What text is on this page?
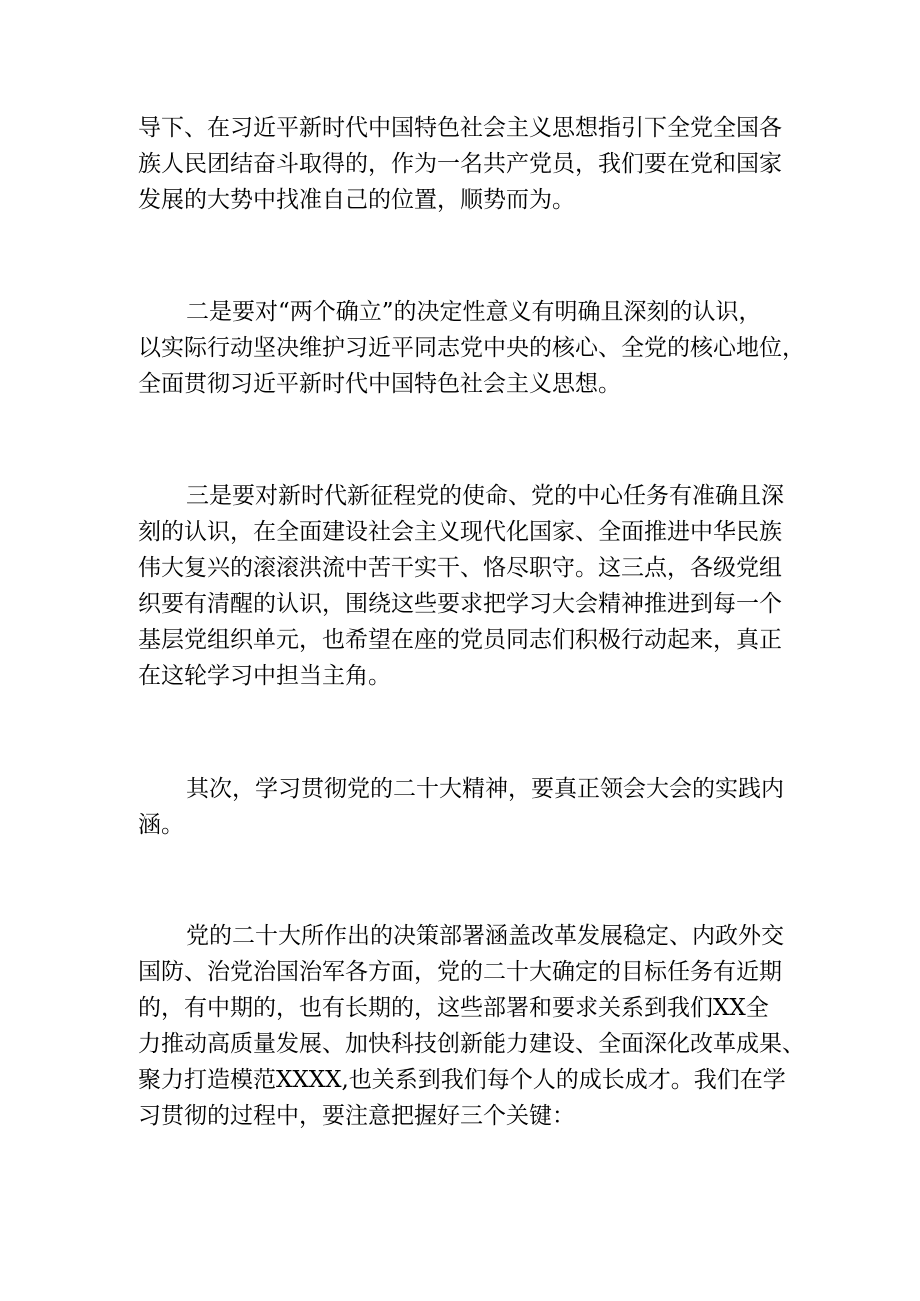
导下、在习近平新时代中国特色社会主义思想指引下全党全国各
族人民团结奋斗取得的，作为一名共产党员，我们要在党和国家
发展的大势中找准自己的位置，顺势而为。
二是要对“两个确立”的决定性意义有明确且深刻的认识，
以实际行动坚决维护习近平同志党中央的核心、全党的核心地位，
全面贯彻习近平新时代中国特色社会主义思想。
三是要对新时代新征程党的使命、党的中心任务有准确且深
刻的认识，在全面建设社会主义现代化国家、全面推进中华民族
伟大复兴的滚滚洪流中苦干实干、恪尽职守。这三点，各级党组
织要有清醒的认识，围绕这些要求把学习大会精神推进到每一个
基层党组织单元，也希望在座的党员同志们积极行动起来，真正
在这轮学习中担当主角。
其次，学习贯彻党的二十大精神，要真正领会大会的实践内
涵。
党的二十大所作出的决策部署涵盖改革发展稳定、内政外交
国防、治党治国治军各方面，党的二十大确定的目标任务有近期
的，有中期的，也有长期的，这些部署和要求关系到我们XX全
力推动高质量发展、加快科技创新能力建设、全面深化改革成果、
聚力打造模范XXXX,也关系到我们每个人的成长成才。我们在学
习贯彻的过程中，要注意把握好三个关键：
